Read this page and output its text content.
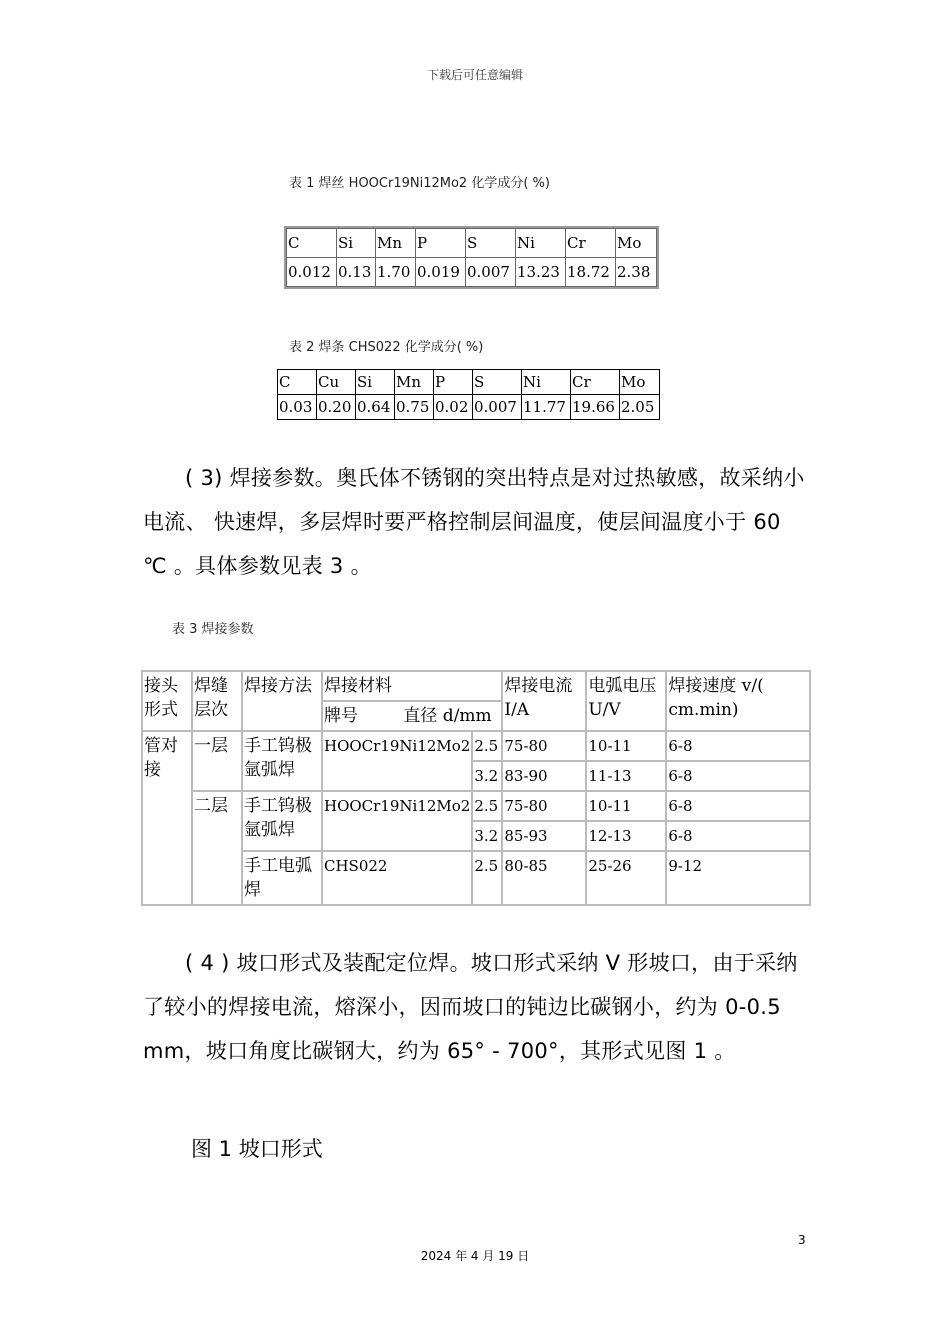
下载后可任意编辑
表 1 焊丝 HOOCr19Ni12Mo2 化学成分( %)
C	Si	Mn	P	S	Ni	Cr	Mo
0.012	0.13	1.70	0.019	0.007	13.23	18.72	2.38
表 2 焊条 CHS022 化学成分( %)
C	Cu	Si	Mn	P	S	Ni	Cr	Mo
0.03	0.20	0.64	0.75	0.02	0.007	11.77	19.66	2.05

( 3) 焊接参数。奥氏体不锈钢的突出特点是对过热敏感，故采纳小电流、 快速焊，多层焊时要严格控制层间温度，使层间温度小于 60 ℃ 。具体参数见表 3 。

表 3 焊接参数
接头形式	焊缝层次	焊接方法	焊接材料		焊接电流 I/A	电弧电压 U/V	焊接速度 v/( cm.min)
			牌号 直径 d/mm				
管对接	一层	手工钨极氩弧焊	HOOCr19Ni12Mo2	2.5	75-80	10-11	6-8
				3.2	83-90	11-13	6-8
	二层	手工钨极氩弧焊	HOOCr19Ni12Mo2	2.5	75-80	10-11	6-8
				3.2	85-93	12-13	6-8
		手工电弧焊	CHS022	2.5	80-85	25-26	9-12

( 4 ) 坡口形式及装配定位焊。坡口形式采纳 V 形坡口，由于采纳了较小的焊接电流，熔深小，因而坡口的钝边比碳钢小，约为 0-0.5 mm，坡口角度比碳钢大，约为 65° - 700°，其形式见图 1 。

图 1 坡口形式
3
2024 年 4 月 19 日
